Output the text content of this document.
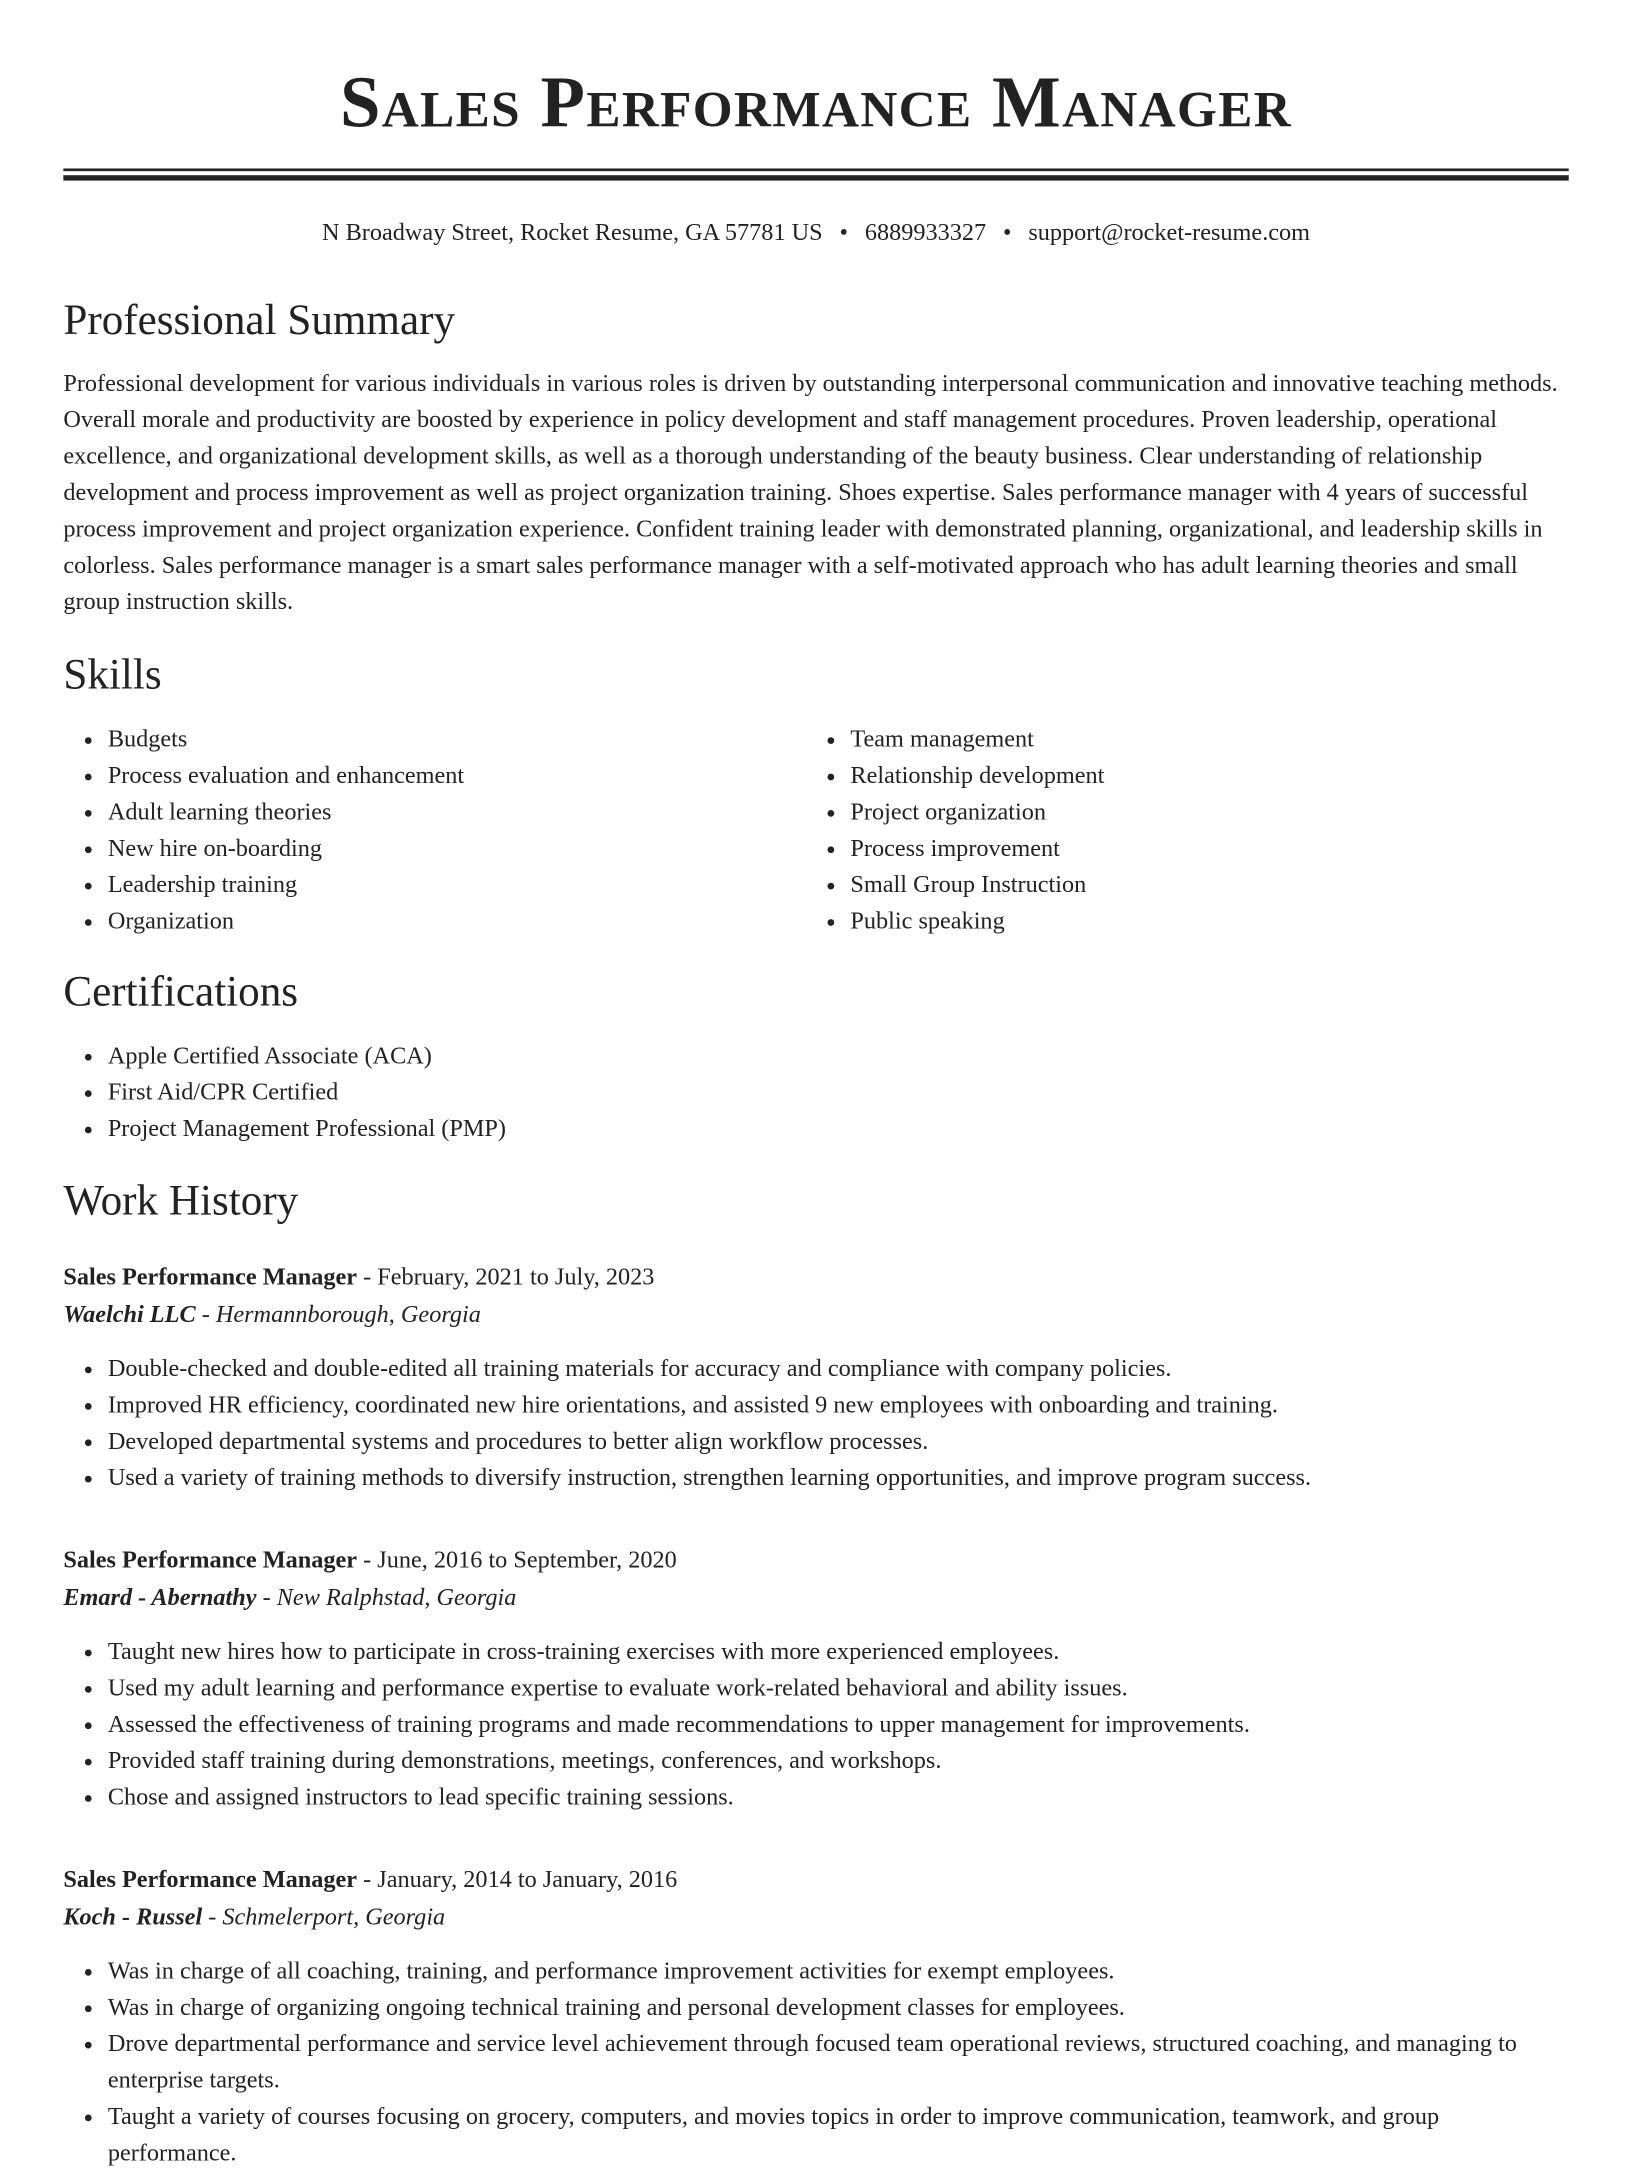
Sales Performance Manager
N Broadway Street, Rocket Resume, GA 57781 US • 6889933327 • support@rocket-resume.com
Professional Summary

Professional development for various individuals in various roles is driven by outstanding interpersonal communication and innovative teaching methods. Overall morale and productivity are boosted by experience in policy development and staff management procedures. Proven leadership, operational excellence, and organizational development skills, as well as a thorough understanding of the beauty business. Clear understanding of relationship development and process improvement as well as project organization training. Shoes expertise. Sales performance manager with 4 years of successful process improvement and project organization experience. Confident training leader with demonstrated planning, organizational, and leadership skills in colorless. Sales performance manager is a smart sales performance manager with a self-motivated approach who has adult learning theories and small group instruction skills.

Skills
• Budgets
• Process evaluation and enhancement
• Adult learning theories
• New hire on-boarding
• Leadership training
• Organization
• Team management
• Relationship development
• Project organization
• Process improvement
• Small Group Instruction
• Public speaking
Certifications
• Apple Certified Associate (ACA)
• First Aid/CPR Certified
• Project Management Professional (PMP)
Work History
Sales Performance Manager - February, 2021 to July, 2023
Waelchi LLC - Hermannborough, Georgia
• Double-checked and double-edited all training materials for accuracy and compliance with company policies.
• Improved HR efficiency, coordinated new hire orientations, and assisted 9 new employees with onboarding and training.
• Developed departmental systems and procedures to better align workflow processes.
• Used a variety of training methods to diversify instruction, strengthen learning opportunities, and improve program success.
Sales Performance Manager - June, 2016 to September, 2020
Emard - Abernathy - New Ralphstad, Georgia
• Taught new hires how to participate in cross-training exercises with more experienced employees.
• Used my adult learning and performance expertise to evaluate work-related behavioral and ability issues.
• Assessed the effectiveness of training programs and made recommendations to upper management for improvements.
• Provided staff training during demonstrations, meetings, conferences, and workshops.
• Chose and assigned instructors to lead specific training sessions.
Sales Performance Manager - January, 2014 to January, 2016
Koch - Russel - Schmelerport, Georgia
• Was in charge of all coaching, training, and performance improvement activities for exempt employees.
• Was in charge of organizing ongoing technical training and personal development classes for employees.
• Drove departmental performance and service level achievement through focused team operational reviews, structured coaching, and managing to enterprise targets.
• Taught a variety of courses focusing on grocery, computers, and movies topics in order to improve communication, teamwork, and group performance.
